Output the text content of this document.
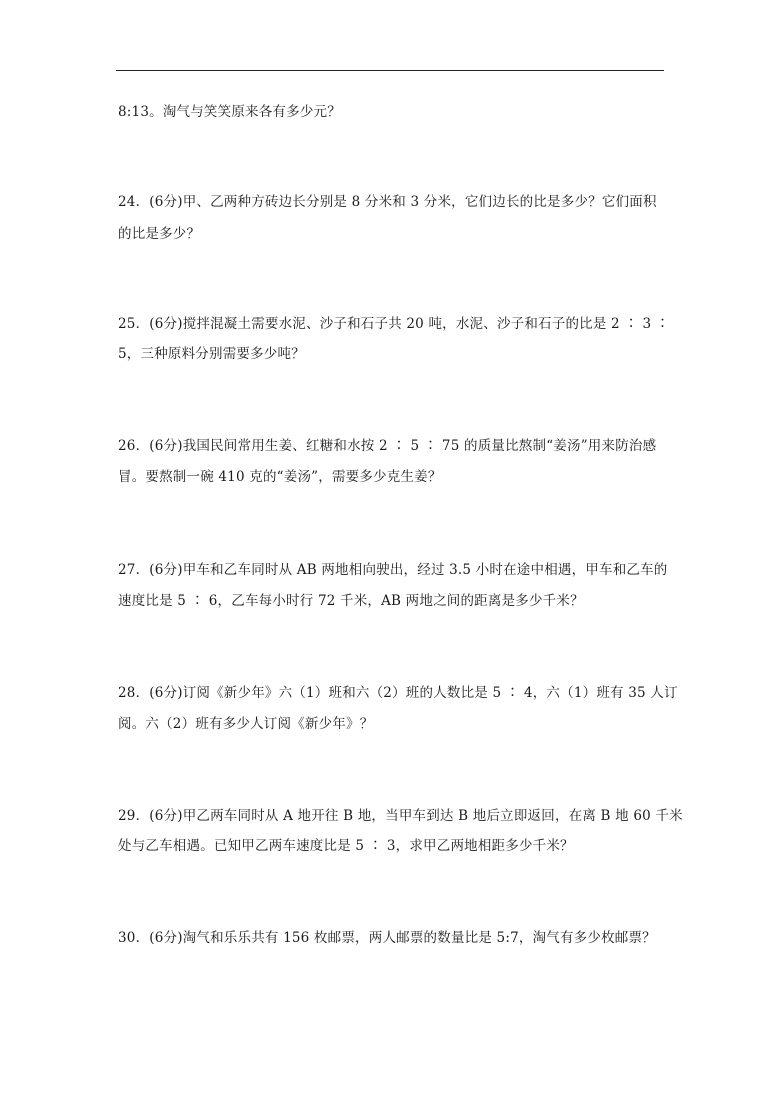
8:13。淘气与笑笑原来各有多少元？
24．(6分)甲、乙两种方砖边长分别是 8 分米和 3 分米，它们边长的比是多少？它们面积
的比是多少？
25．(6分)搅拌混凝土需要水泥、沙子和石子共 20 吨，水泥、沙子和石子的比是 2 ∶ 3 ∶
5，三种原料分别需要多少吨？
26．(6分)我国民间常用生姜、红糖和水按 2 ∶ 5 ∶ 75 的质量比熬制“姜汤”用来防治感
冒。要熬制一碗 410 克的“姜汤”，需要多少克生姜？
27．(6分)甲车和乙车同时从 AB 两地相向驶出，经过 3.5 小时在途中相遇，甲车和乙车的
速度比是 5 ∶ 6，乙车每小时行 72 千米，AB 两地之间的距离是多少千米？
28．(6分)订阅《新少年》六（1）班和六（2）班的人数比是 5 ∶ 4，六（1）班有 35 人订
阅。六（2）班有多少人订阅《新少年》？
29．(6分)甲乙两车同时从 A 地开往 B 地，当甲车到达 B 地后立即返回，在离 B 地 60 千米
处与乙车相遇。已知甲乙两车速度比是 5 ∶ 3，求甲乙两地相距多少千米？
30．(6分)淘气和乐乐共有 156 枚邮票，两人邮票的数量比是 5:7，淘气有多少枚邮票？
